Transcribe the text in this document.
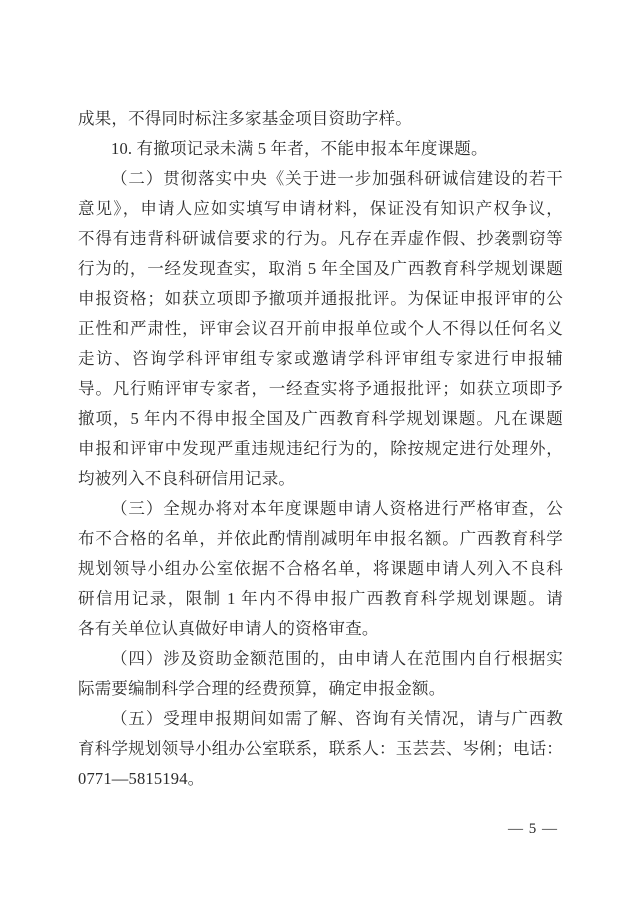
成果，不得同时标注多家基金项目资助字样。
10. 有撤项记录未满 5 年者，不能申报本年度课题。
（二）贯彻落实中央《关于进一步加强科研诚信建设的若干
意见》，申请人应如实填写申请材料，保证没有知识产权争议，
不得有违背科研诚信要求的行为。凡存在弄虚作假、抄袭剽窃等
行为的，一经发现查实，取消 5 年全国及广西教育科学规划课题
申报资格；如获立项即予撤项并通报批评。为保证申报评审的公
正性和严肃性，评审会议召开前申报单位或个人不得以任何名义
走访、咨询学科评审组专家或邀请学科评审组专家进行申报辅
导。凡行贿评审专家者，一经查实将予通报批评；如获立项即予
撤项，5 年内不得申报全国及广西教育科学规划课题。凡在课题
申报和评审中发现严重违规违纪行为的，除按规定进行处理外，
均被列入不良科研信用记录。
（三）全规办将对本年度课题申请人资格进行严格审查，公
布不合格的名单，并依此酌情削减明年申报名额。广西教育科学
规划领导小组办公室依据不合格名单，将课题申请人列入不良科
研信用记录，限制 1 年内不得申报广西教育科学规划课题。请
各有关单位认真做好申请人的资格审查。
（四）涉及资助金额范围的，由申请人在范围内自行根据实
际需要编制科学合理的经费预算，确定申报金额。
（五）受理申报期间如需了解、咨询有关情况，请与广西教
育科学规划领导小组办公室联系，联系人：玉芸芸、岑俐；电话：
0771—5815194。
— 5 —
